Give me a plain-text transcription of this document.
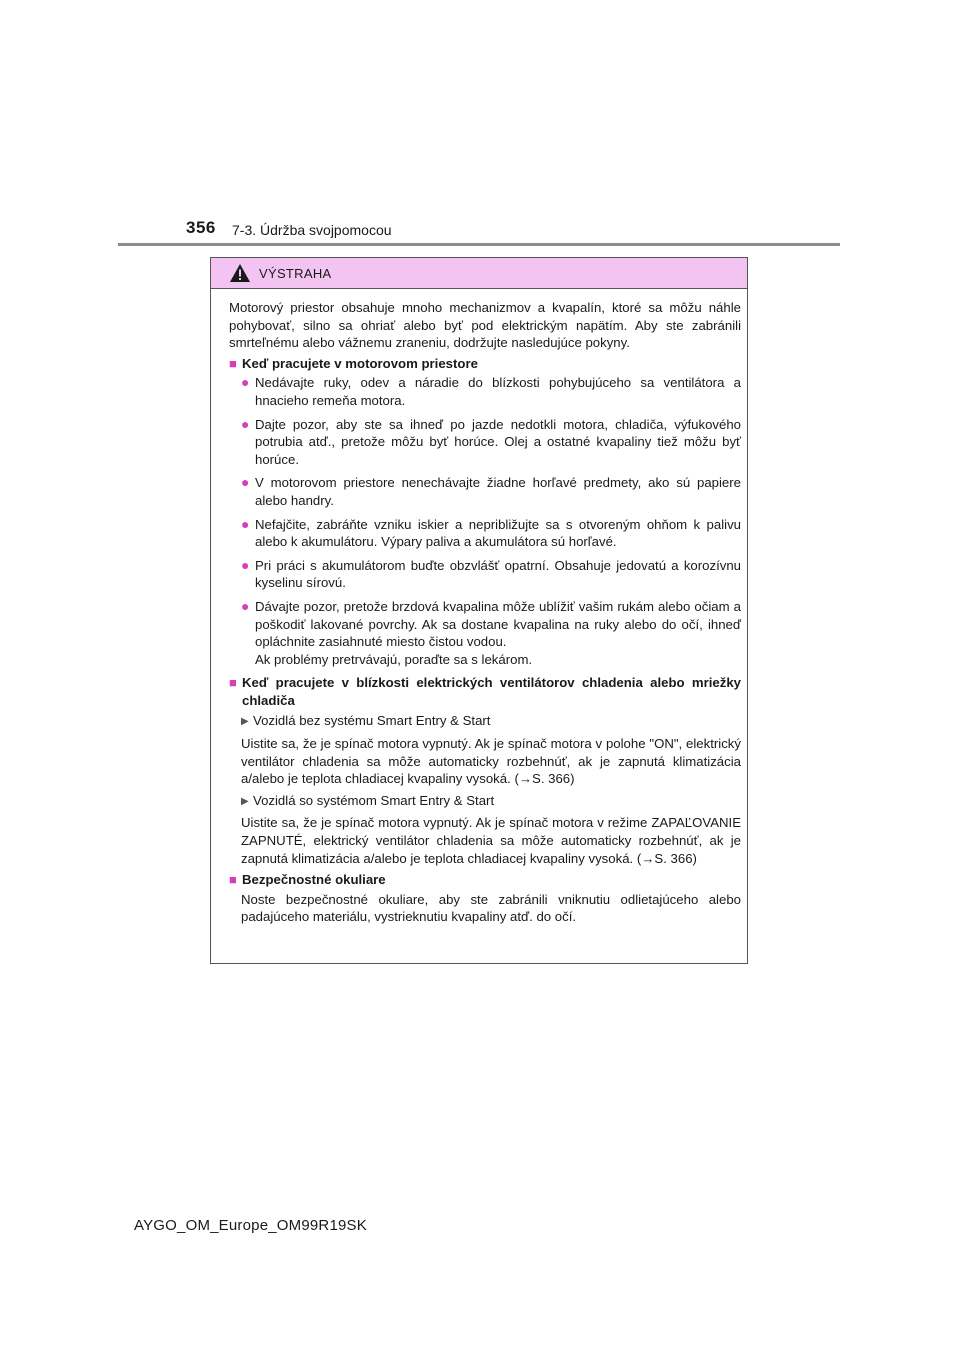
356 7-3. Údržba svojpomocou
VÝSTRAHA

Motorový priestor obsahuje mnoho mechanizmov a kvapalín, ktoré sa môžu náhle pohybovať, silno sa ohriať alebo byť pod elektrickým napätím. Aby ste zabránili smrteľnému alebo vážnemu zraneniu, dodržujte nasledujúce pokyny.

■ Keď pracujete v motorovom priestore
● Nedávajte ruky, odev a náradie do blízkosti pohybujúceho sa ventilátora a hnacieho remeňa motora.
● Dajte pozor, aby ste sa ihneď po jazde nedotkli motora, chladiča, výfukového potrubia atď., pretože môžu byť horúce. Olej a ostatné kvapaliny tiež môžu byť horúce.
● V motorovom priestore nenechávajte žiadne horľavé predmety, ako sú papiere alebo handry.
● Nefajčite, zabráňte vzniku iskier a nepribližujte sa s otvoreným ohňom k palivu alebo k akumulátoru. Výpary paliva a akumulátora sú horľavé.
● Pri práci s akumulátorom buďte obzvlášť opatrní. Obsahuje jedovatú a korozívnu kyselinu sírovú.
● Dávajte pozor, pretože brzdová kvapalina môže ublížiť vašim rukám alebo očiam a poškodiť lakované povrchy. Ak sa dostane kvapalina na ruky alebo do očí, ihneď opláchnite zasiahnuté miesto čistou vodou.
Ak problémy pretrvávajú, poraďte sa s lekárom.
■ Keď pracujete v blízkosti elektrických ventilátorov chladenia alebo mriežky chladiča
▶ Vozidlá bez systému Smart Entry & Start

Uistite sa, že je spínač motora vypnutý. Ak je spínač motora v polohe "ON", elektrický ventilátor chladenia sa môže automaticky rozbehnúť, ak je zapnutá klimatizácia a/alebo je teplota chladiacej kvapaliny vysoká. (→S. 366)

▶ Vozidlá so systémom Smart Entry & Start

Uistite sa, že je spínač motora vypnutý. Ak je spínač motora v režime ZAPAĽOVANIE ZAPNUTÉ, elektrický ventilátor chladenia sa môže automaticky rozbehnúť, ak je zapnutá klimatizácia a/alebo je teplota chladiacej kvapaliny vysoká. (→S. 366)

■ Bezpečnostné okuliare

Noste bezpečnostné okuliare, aby ste zabránili vniknutiu odlietajúceho alebo padajúceho materiálu, vystrieknutiu kvapaliny atď. do očí.

AYGO_OM_Europe_OM99R19SK
